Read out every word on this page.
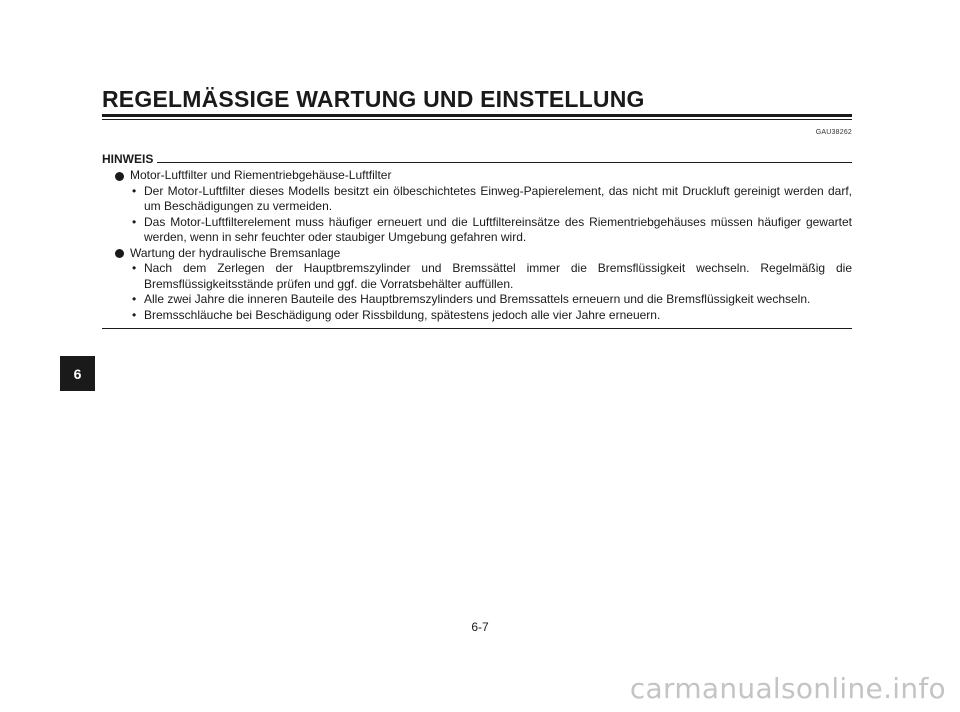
REGELMÄSSIGE WARTUNG UND EINSTELLUNG
GAU38262
HINWEIS
Motor-Luftfilter und Riementriebgehäuse-Luftfilter
• Der Motor-Luftfilter dieses Modells besitzt ein ölbeschichtetes Einweg-Papierelement, das nicht mit Druckluft gereinigt werden darf, um Beschädigungen zu vermeiden.
• Das Motor-Luftfilterelement muss häufiger erneuert und die Luftfiltereinsätze des Riementriebgehäuses müssen häufiger gewartet werden, wenn in sehr feuchter oder staubiger Umgebung gefahren wird.
Wartung der hydraulische Bremsanlage
• Nach dem Zerlegen der Hauptbremszylinder und Bremssättel immer die Bremsflüssigkeit wechseln. Regelmäßig die Bremsflüssigkeitsstände prüfen und ggf. die Vorratsbehälter auffüllen.
• Alle zwei Jahre die inneren Bauteile des Hauptbremszylinders und Bremssattels erneuern und die Bremsflüssigkeit wechseln.
• Bremsschläuche bei Beschädigung oder Rissbildung, spätestens jedoch alle vier Jahre erneuern.
6
6-7
carmanualsonline.info
